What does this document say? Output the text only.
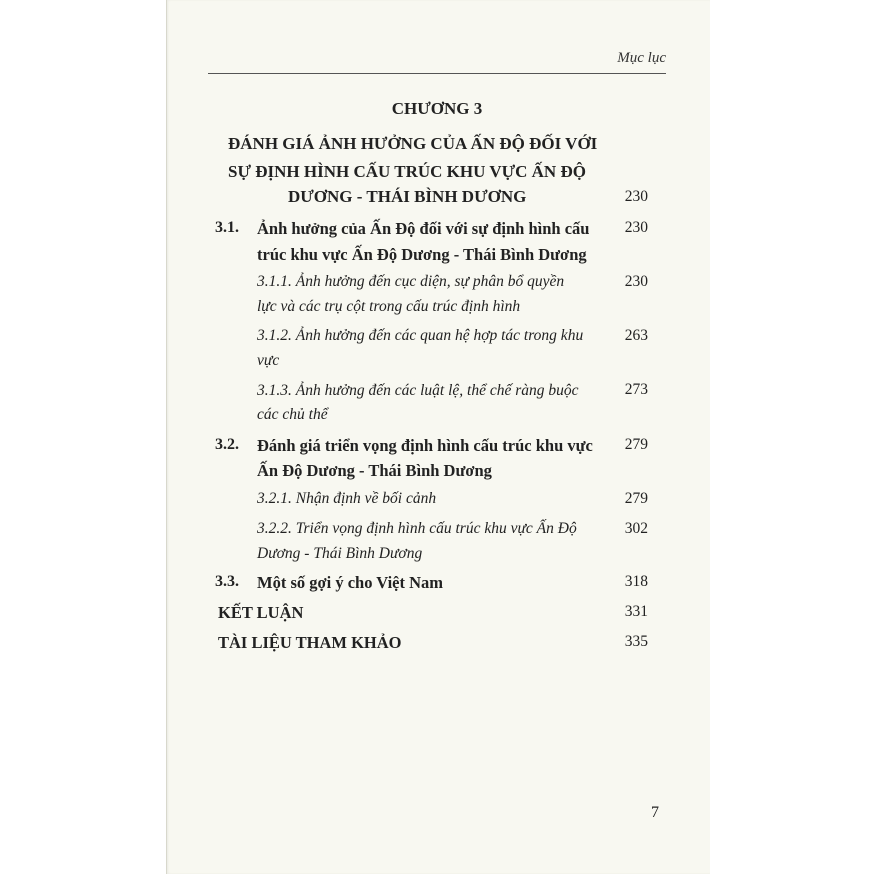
Mục lục
CHƯƠNG 3
ĐÁNH GIÁ ẢNH HƯỞNG CỦA ẤN ĐỘ ĐỐI VỚI
SỰ ĐỊNH HÌNH CẤU TRÚC KHU VỰC ẤN ĐỘ
DƯƠNG - THÁI BÌNH DƯƠNG	230
3.1. Ảnh hưởng của Ấn Độ đối với sự định hình cấu
trúc khu vực Ấn Độ Dương - Thái Bình Dương
230
3.1.1. Ảnh hưởng đến cục diện, sự phân bổ quyền
lực và các trụ cột trong cấu trúc định hình
230
3.1.2. Ảnh hưởng đến các quan hệ hợp tác trong khu
vực
263
3.1.3. Ảnh hưởng đến các luật lệ, thể chế ràng buộc
các chủ thể
273
3.2. Đánh giá triển vọng định hình cấu trúc khu vực
Ấn Độ Dương - Thái Bình Dương
279
3.2.1. Nhận định về bối cảnh	279
3.2.2. Triển vọng định hình cấu trúc khu vực Ấn Độ
Dương - Thái Bình Dương
302
3.3. Một số gợi ý cho Việt Nam	318
KẾT LUẬN	331
TÀI LIỆU THAM KHẢO	335
7
